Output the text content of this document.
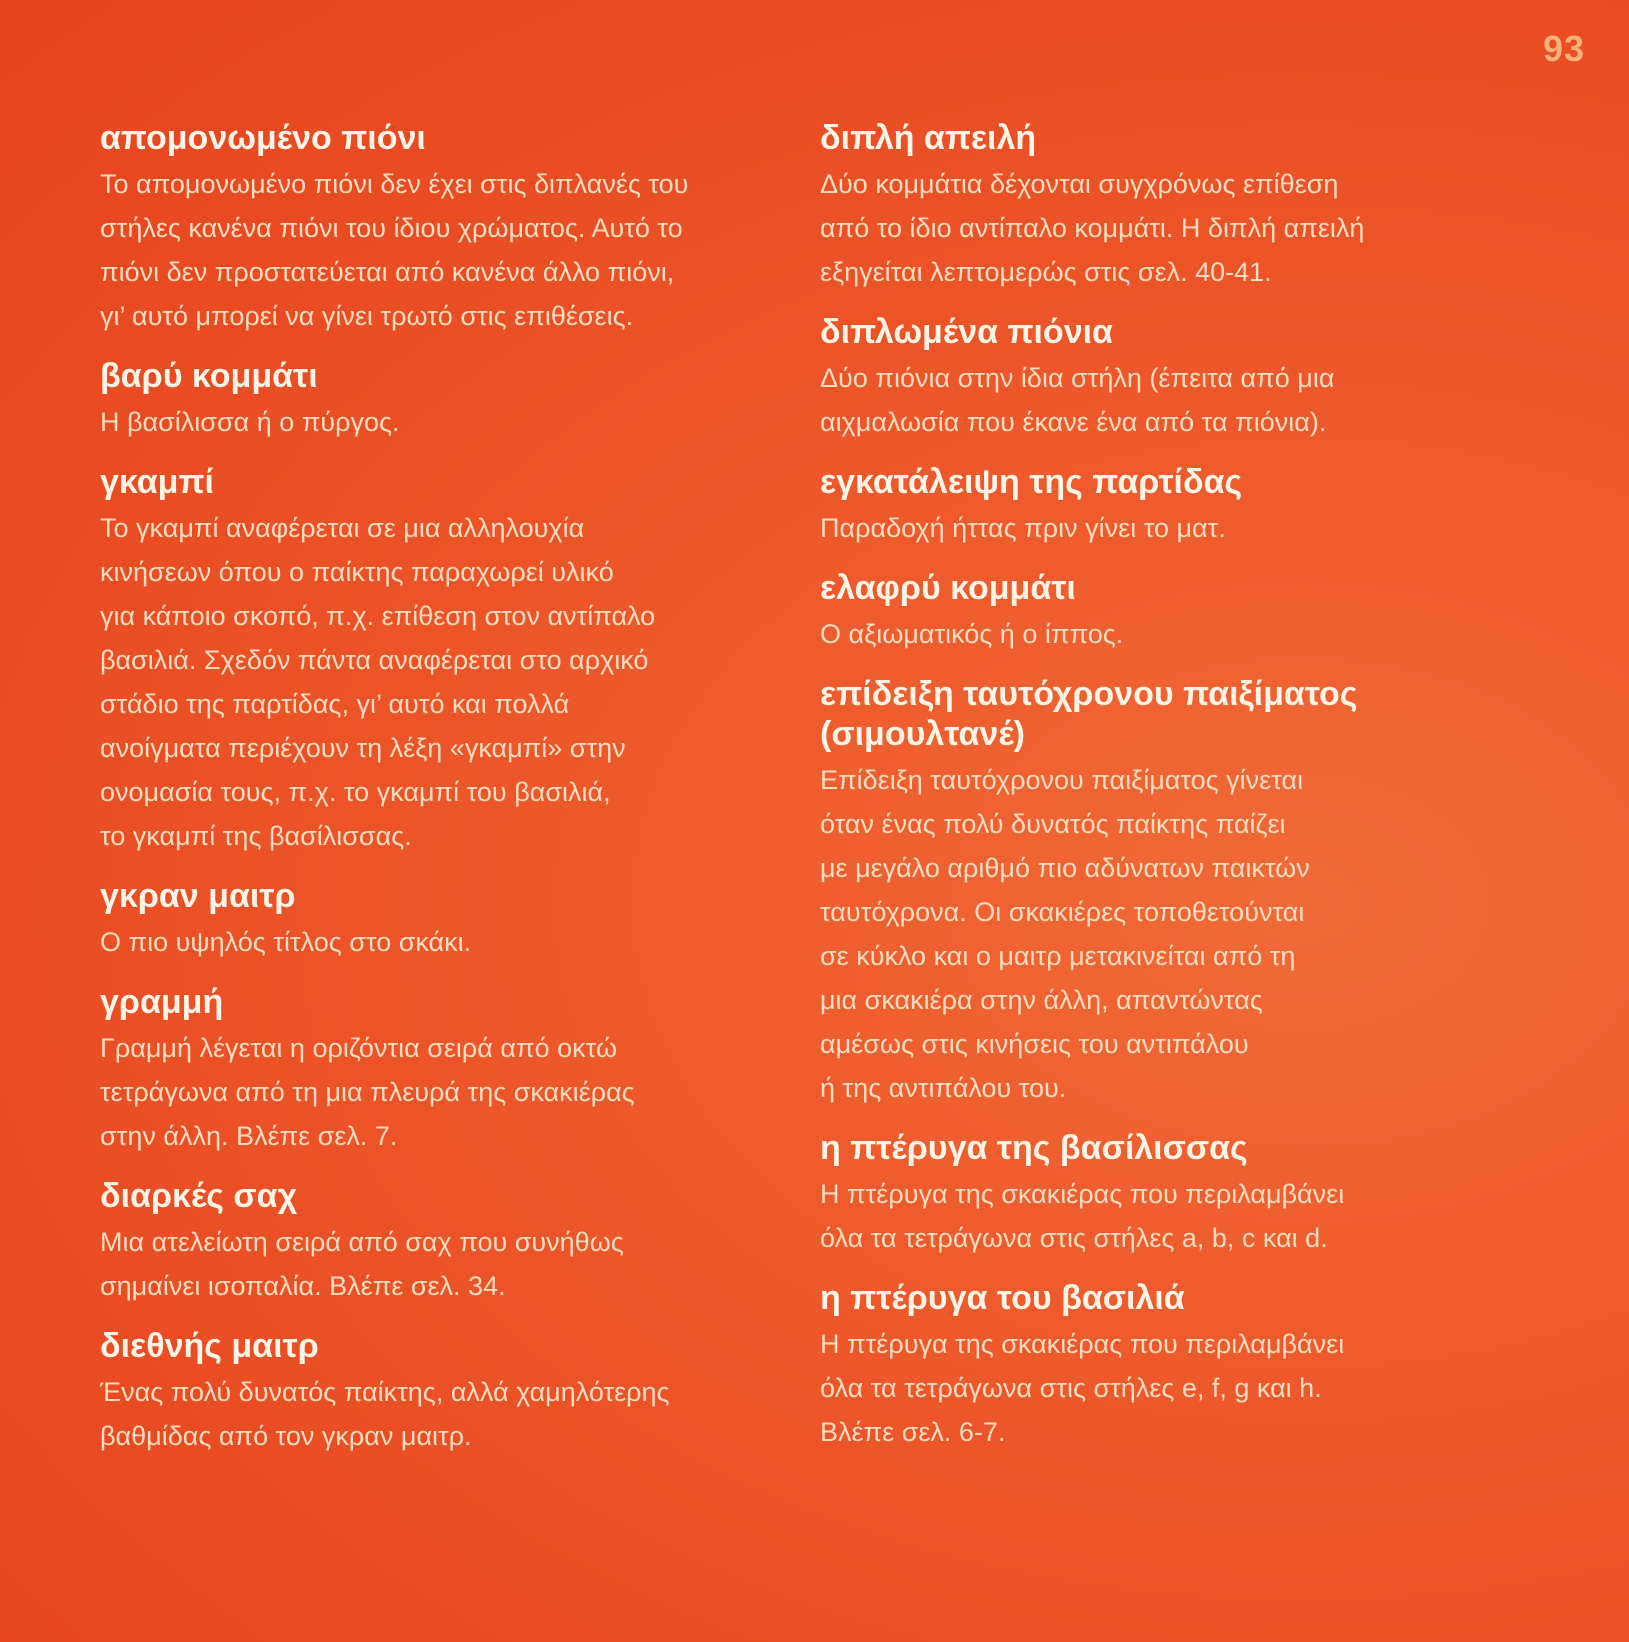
93
απομονωμένο πιόνι

Το απομονωμένο πιόνι δεν έχει στις διπλανές του
στήλες κανένα πιόνι του ίδιου χρώματος. Αυτό το
πιόνι δεν προστατεύεται από κανένα άλλο πιόνι,
γι’ αυτό μπορεί να γίνει τρωτό στις επιθέσεις.

βαρύ κομμάτι

Η βασίλισσα ή ο πύργος.

γκαμπί

Το γκαμπί αναφέρεται σε μια αλληλουχία
κινήσεων όπου ο παίκτης παραχωρεί υλικό
για κάποιο σκοπό, π.χ. επίθεση στον αντίπαλο
βασιλιά. Σχεδόν πάντα αναφέρεται στο αρχικό
στάδιο της παρτίδας, γι’ αυτό και πολλά
ανοίγματα περιέχουν τη λέξη «γκαμπί» στην
ονομασία τους, π.χ. το γκαμπί του βασιλιά,
το γκαμπί της βασίλισσας.

γκραν μαιτρ

Ο πιο υψηλός τίτλος στο σκάκι.

γραμμή

Γραμμή λέγεται η οριζόντια σειρά από οκτώ
τετράγωνα από τη μια πλευρά της σκακιέρας
στην άλλη. Βλέπε σελ. 7.

διαρκές σαχ

Μια ατελείωτη σειρά από σαχ που συνήθως
σημαίνει ισοπαλία. Βλέπε σελ. 34.

διεθνής μαιτρ

Ένας πολύ δυνατός παίκτης, αλλά χαμηλότερης
βαθμίδας από τον γκραν μαιτρ.

διπλή απειλή

Δύο κομμάτια δέχονται συγχρόνως επίθεση
από το ίδιο αντίπαλο κομμάτι. Η διπλή απειλή
εξηγείται λεπτομερώς στις σελ. 40-41.

διπλωμένα πιόνια

Δύο πιόνια στην ίδια στήλη (έπειτα από μια
αιχμαλωσία που έκανε ένα από τα πιόνια).

εγκατάλειψη της παρτίδας

Παραδοχή ήττας πριν γίνει το ματ.

ελαφρύ κομμάτι

Ο αξιωματικός ή ο ίππος.

επίδειξη ταυτόχρονου παιξίματος
(σιμουλτανέ)

Επίδειξη ταυτόχρονου παιξίματος γίνεται
όταν ένας πολύ δυνατός παίκτης παίζει
με μεγάλο αριθμό πιο αδύνατων παικτών
ταυτόχρονα. Οι σκακιέρες τοποθετούνται
σε κύκλο και ο μαιτρ μετακινείται από τη
μια σκακιέρα στην άλλη, απαντώντας
αμέσως στις κινήσεις του αντιπάλου
ή της αντιπάλου του.

η πτέρυγα της βασίλισσας

Η πτέρυγα της σκακιέρας που περιλαμβάνει
όλα τα τετράγωνα στις στήλες a, b, c και d.

η πτέρυγα του βασιλιά

Η πτέρυγα της σκακιέρας που περιλαμβάνει
όλα τα τετράγωνα στις στήλες e, f, g και h.
Βλέπε σελ. 6-7.
